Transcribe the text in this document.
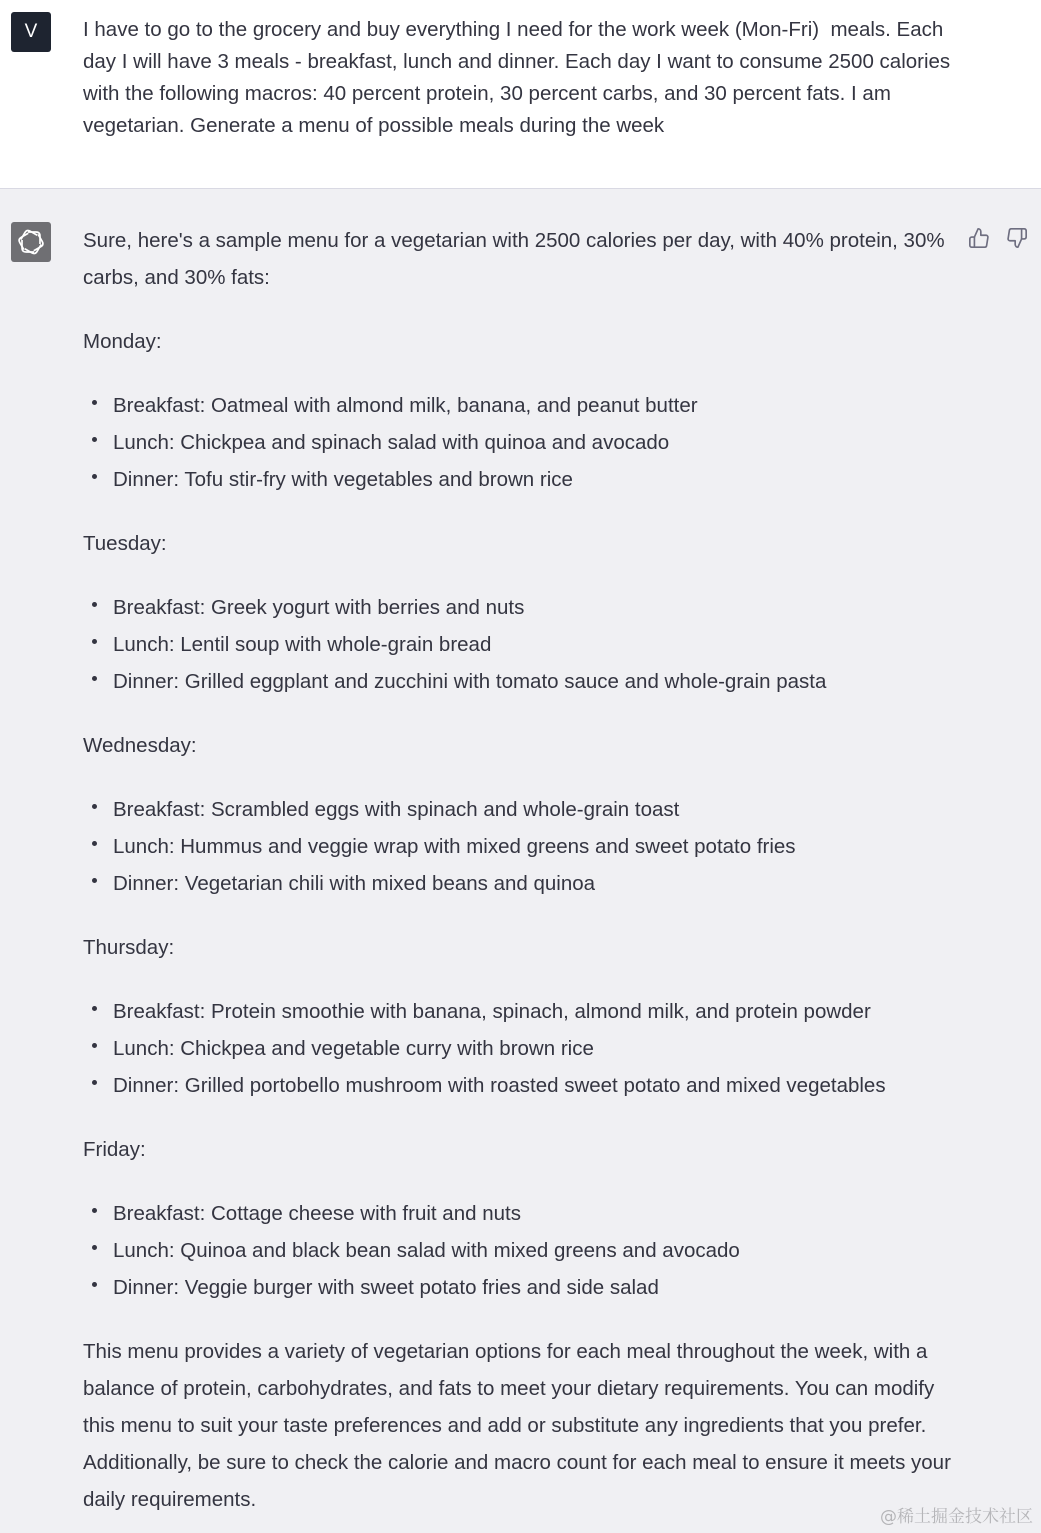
V I have to go to the grocery and buy everything I need for the work week (Mon-Fri)  meals. Each day I will have 3 meals - breakfast, lunch and dinner. Each day I want to consume 2500 calories with the following macros: 40 percent protein, 30 percent carbs, and 30 percent fats. I am vegetarian. Generate a menu of possible meals during the week

Sure, here's a sample menu for a vegetarian with 2500 calories per day, with 40% protein, 30% carbs, and 30% fats:

Monday:

Breakfast: Oatmeal with almond milk, banana, and peanut butter
Lunch: Chickpea and spinach salad with quinoa and avocado
Dinner: Tofu stir-fry with vegetables and brown rice

Tuesday:

Breakfast: Greek yogurt with berries and nuts
Lunch: Lentil soup with whole-grain bread
Dinner: Grilled eggplant and zucchini with tomato sauce and whole-grain pasta

Wednesday:

Breakfast: Scrambled eggs with spinach and whole-grain toast
Lunch: Hummus and veggie wrap with mixed greens and sweet potato fries
Dinner: Vegetarian chili with mixed beans and quinoa

Thursday:

Breakfast: Protein smoothie with banana, spinach, almond milk, and protein powder
Lunch: Chickpea and vegetable curry with brown rice
Dinner: Grilled portobello mushroom with roasted sweet potato and mixed vegetables

Friday:

Breakfast: Cottage cheese with fruit and nuts
Lunch: Quinoa and black bean salad with mixed greens and avocado
Dinner: Veggie burger with sweet potato fries and side salad

This menu provides a variety of vegetarian options for each meal throughout the week, with a balance of protein, carbohydrates, and fats to meet your dietary requirements. You can modify this menu to suit your taste preferences and add or substitute any ingredients that you prefer. Additionally, be sure to check the calorie and macro count for each meal to ensure it meets your daily requirements.

@稀土掘金技术社区
